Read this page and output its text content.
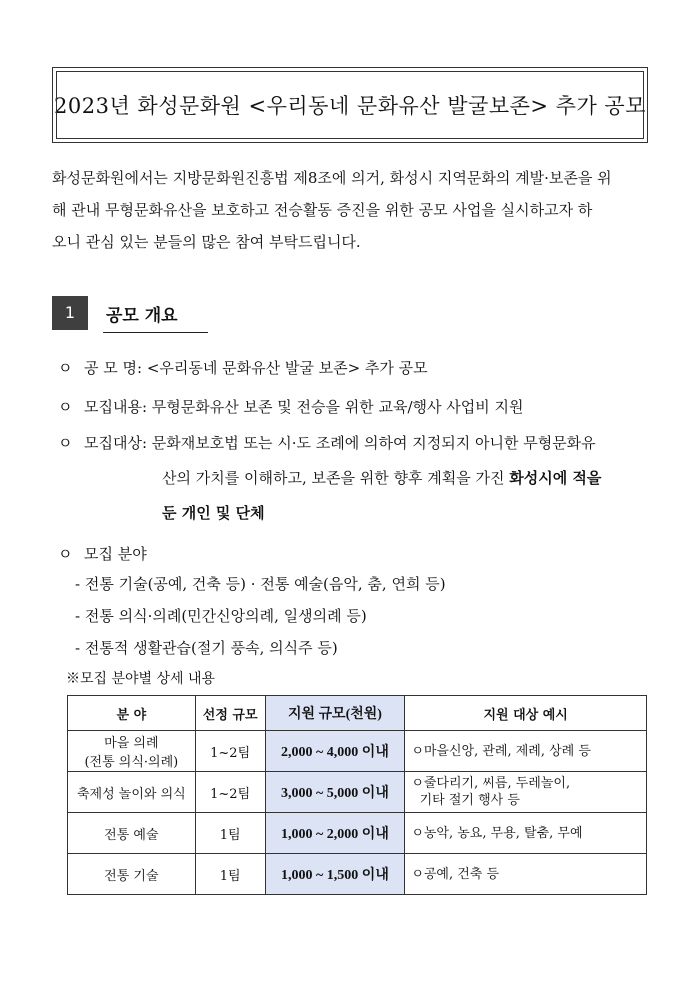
2023년 화성문화원 <우리동네 문화유산 발굴보존> 추가 공모

화성문화원에서는 지방문화원진흥법 제8조에 의거, 화성시 지역문화의 계발·보존을 위

해 관내 무형문화유산을 보호하고 전승활동 증진을 위한 공모 사업을 실시하고자 하

오니 관심 있는 분들의 많은 참여 부탁드립니다.

1	공모 개요
ㅇ 공 모 명: <우리동네 문화유산 발굴 보존> 추가 공모
ㅇ 모집내용: 무형문화유산 보존 및 전승을 위한 교육/행사 사업비 지원
ㅇ 모집대상: 문화재보호법 또는 시·도 조례에 의하여 지정되지 아니한 무형문화유
산의 가치를 이해하고, 보존을 위한 향후 계획을 가진 화성시에 적을
둔 개인 및 단체
ㅇ 모집 분야
- 전통 기술(공예, 건축 등) · 전통 예술(음악, 춤, 연희 등)
- 전통 의식·의례(민간신앙의례, 일생의례 등)
- 전통적 생활관습(절기 풍속, 의식주 등)
※모집 분야별 상세 내용
분 야	선정 규모	지원 규모(천원)	지원 대상 예시

마을 의례
(전통 의식·의례)	1~2팀	2,000 ~ 4,000 이내	ㅇ마을신앙, 관례, 제례, 상례 등

축제성 놀이와 의식	1~2팀	3,000 ~ 5,000 이내	ㅇ줄다리기, 씨름, 두레놀이,
기타 절기 행사 등

전통 예술	1팀	1,000 ~ 2,000 이내	ㅇ농악, 농요, 무용, 탈춤, 무예

전통 기술	1팀	1,000 ~ 1,500 이내	ㅇ공예, 건축 등
